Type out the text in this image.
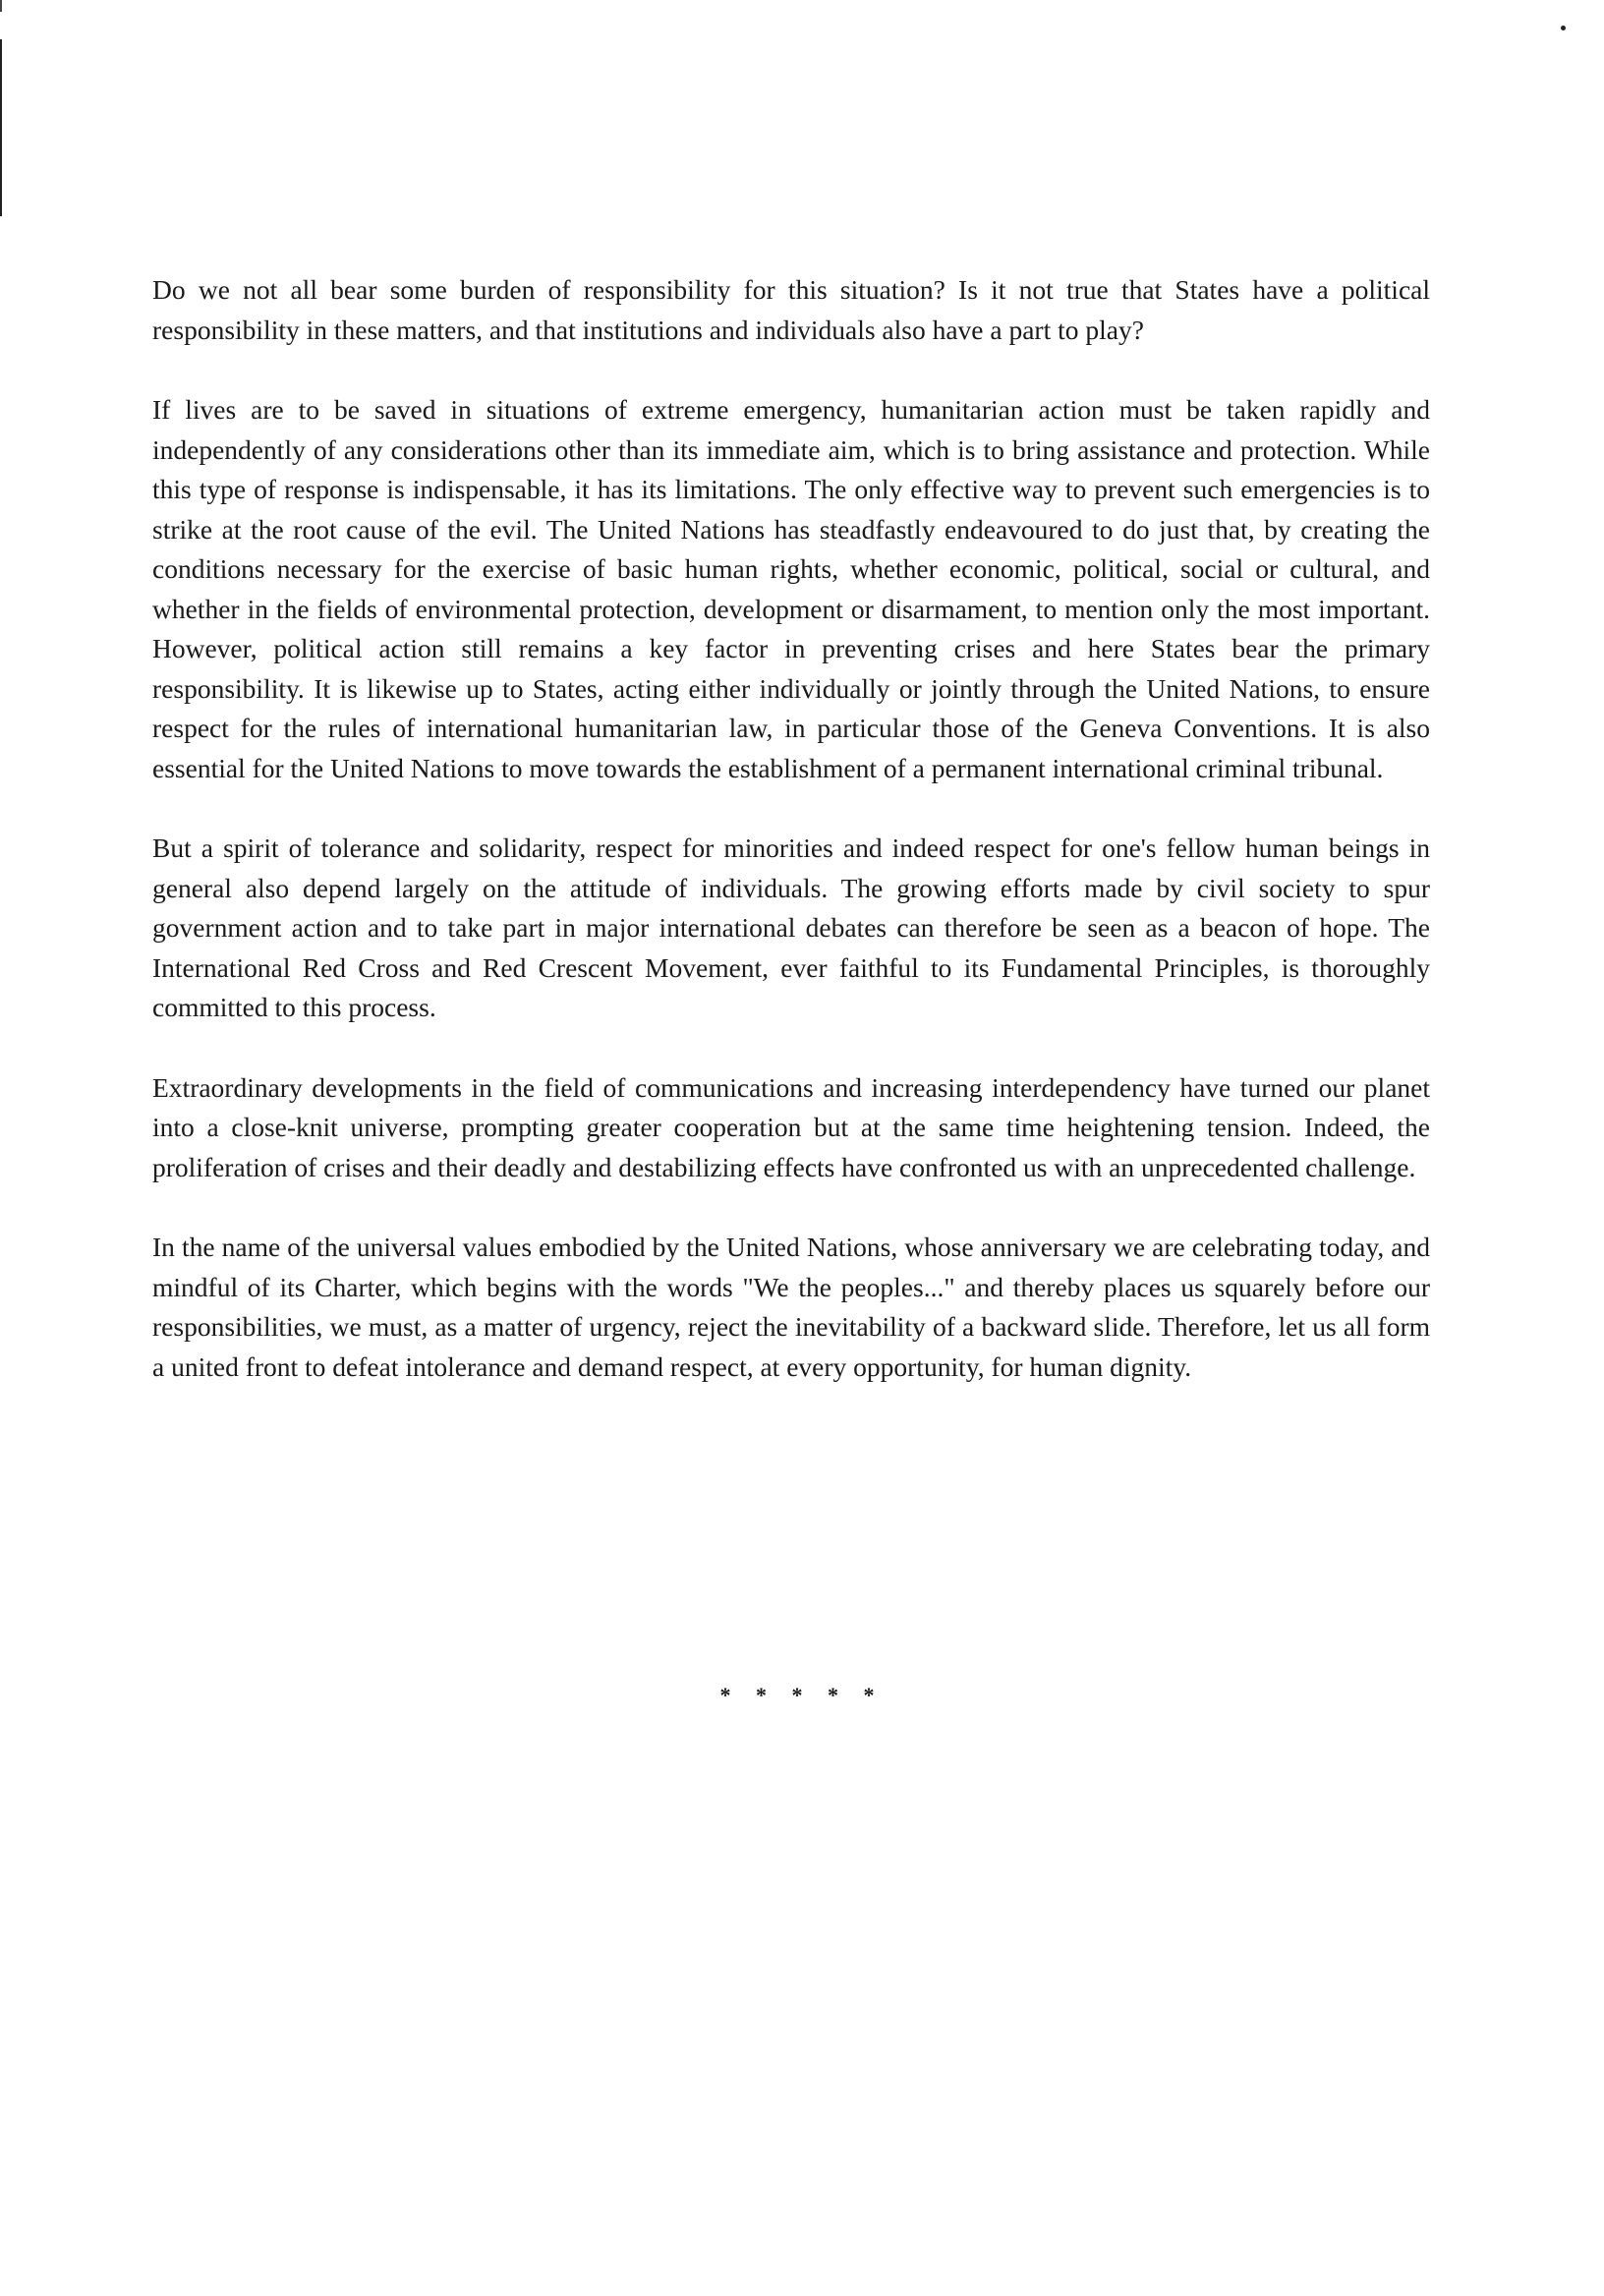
Do we not all bear some burden of responsibility for this situation? Is it not true that States have a political responsibility in these matters, and that institutions and individuals also have a part to play?

If lives are to be saved in situations of extreme emergency, humanitarian action must be taken rapidly and independently of any considerations other than its immediate aim, which is to bring assistance and protection. While this type of response is indispensable, it has its limitations. The only effective way to prevent such emergencies is to strike at the root cause of the evil. The United Nations has steadfastly endeavoured to do just that, by creating the conditions necessary for the exercise of basic human rights, whether economic, political, social or cultural, and whether in the fields of environmental protection, development or disarmament, to mention only the most important. However, political action still remains a key factor in preventing crises and here States bear the primary responsibility. It is likewise up to States, acting either individually or jointly through the United Nations, to ensure respect for the rules of international humanitarian law, in particular those of the Geneva Conventions. It is also essential for the United Nations to move towards the establishment of a permanent international criminal tribunal.

But a spirit of tolerance and solidarity, respect for minorities and indeed respect for one's fellow human beings in general also depend largely on the attitude of individuals. The growing efforts made by civil society to spur government action and to take part in major international debates can therefore be seen as a beacon of hope. The International Red Cross and Red Crescent Movement, ever faithful to its Fundamental Principles, is thoroughly committed to this process.

Extraordinary developments in the field of communications and increasing interdependency have turned our planet into a close-knit universe, prompting greater cooperation but at the same time heightening tension. Indeed, the proliferation of crises and their deadly and destabilizing effects have confronted us with an unprecedented challenge.

In the name of the universal values embodied by the United Nations, whose anniversary we are celebrating today, and mindful of its Charter, which begins with the words "We the peoples..." and thereby places us squarely before our responsibilities, we must, as a matter of urgency, reject the inevitability of a backward slide. Therefore, let us all form a united front to defeat intolerance and demand respect, at every opportunity, for human dignity.

* * * * *
